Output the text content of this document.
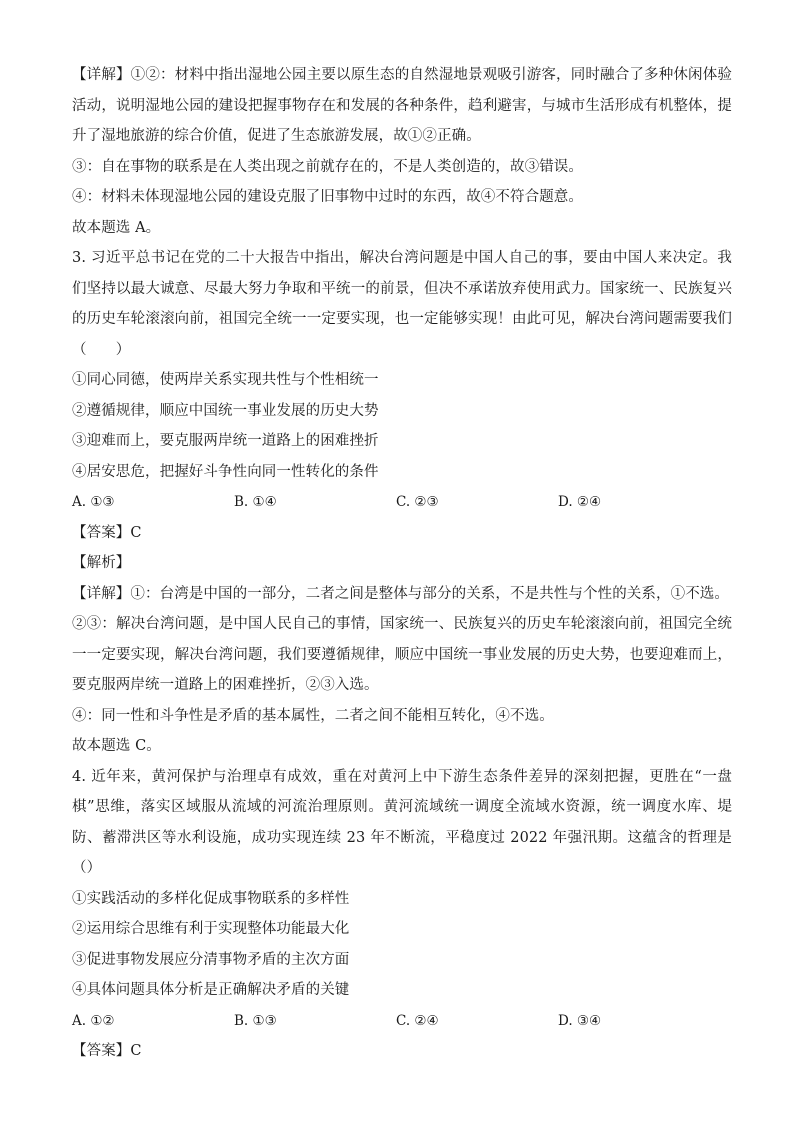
【详解】①②：材料中指出湿地公园主要以原生态的自然湿地景观吸引游客，同时融合了多种休闲体验活动，说明湿地公园的建设把握事物存在和发展的各种条件，趋利避害，与城市生活形成有机整体，提升了湿地旅游的综合价值，促进了生态旅游发展，故①②正确。
③：自在事物的联系是在人类出现之前就存在的，不是人类创造的，故③错误。
④：材料未体现湿地公园的建设克服了旧事物中过时的东西，故④不符合题意。
故本题选 A。
3. 习近平总书记在党的二十大报告中指出，解决台湾问题是中国人自己的事，要由中国人来决定。我们坚持以最大诚意、尽最大努力争取和平统一的前景，但决不承诺放弃使用武力。国家统一、民族复兴的历史车轮滚滚向前，祖国完全统一一定要实现，也一定能够实现！由此可见，解决台湾问题需要我们（　　）
①同心同德，使两岸关系实现共性与个性相统一
②遵循规律，顺应中国统一事业发展的历史大势
③迎难而上，要克服两岸统一道路上的困难挫折
④居安思危，把握好斗争性向同一性转化的条件
A. ①③	B. ①④	C. ②③	D. ②④
【答案】C
【解析】
【详解】①：台湾是中国的一部分，二者之间是整体与部分的关系，不是共性与个性的关系，①不选。
②③：解决台湾问题，是中国人民自己的事情，国家统一、民族复兴的历史车轮滚滚向前，祖国完全统一一定要实现，解决台湾问题，我们要遵循规律，顺应中国统一事业发展的历史大势，也要迎难而上，要克服两岸统一道路上的困难挫折，②③入选。
④：同一性和斗争性是矛盾的基本属性，二者之间不能相互转化，④不选。
故本题选 C。
4. 近年来，黄河保护与治理卓有成效，重在对黄河上中下游生态条件差异的深刻把握，更胜在“一盘棋”思维，落实区域服从流域的河流治理原则。黄河流域统一调度全流域水资源，统一调度水库、堤防、蓄滞洪区等水利设施，成功实现连续 23 年不断流，平稳度过 2022 年强汛期。这蕴含的哲理是（）
①实践活动的多样化促成事物联系的多样性
②运用综合思维有利于实现整体功能最大化
③促进事物发展应分清事物矛盾的主次方面
④具体问题具体分析是正确解决矛盾的关键
A. ①②	B. ①③	C. ②④	D. ③④
【答案】C
